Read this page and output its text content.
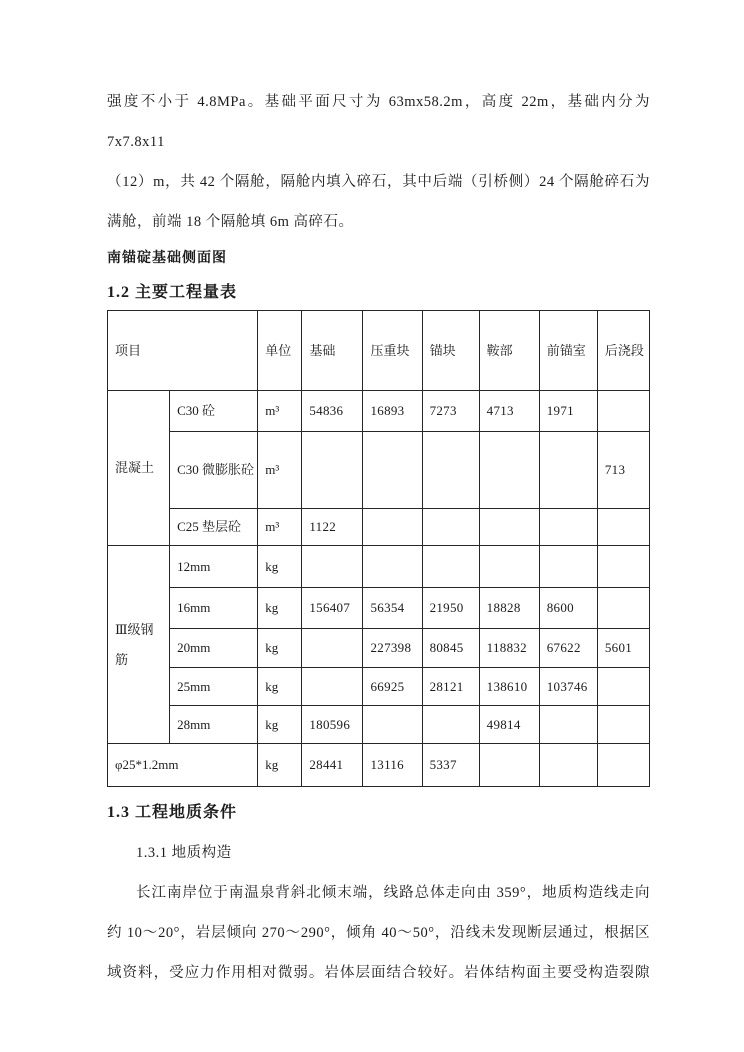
强度不小于 4.8MPa。基础平面尺寸为 63mx58.2m，高度 22m，基础内分为 7x7.8x11
（12）m，共 42 个隔舱，隔舱内填入碎石，其中后端（引桥侧）24 个隔舱碎石为
满舱，前端 18 个隔舱填 6m 高碎石。
南锚碇基础侧面图
1.2 主要工程量表
项目		单位	基础	压重块	锚块	鞍部	前锚室	后浇段
混凝土	C30 砼	m³	54836	16893	7273	4713	1971	
	C30 微膨胀砼	m³						713
	C25 垫层砼	m³	1122					
Ⅲ级钢筋	12mm	kg						
	16mm	kg	156407	56354	21950	18828	8600	
	20mm	kg		227398	80845	118832	67622	5601
	25mm	kg		66925	28121	138610	103746	
	28mm	kg	180596			49814		
φ25*1.2mm		kg	28441	13116	5337			
1.3 工程地质条件
1.3.1 地质构造
长江南岸位于南温泉背斜北倾末端，线路总体走向由 359°，地质构造线走向
约 10～20°，岩层倾向 270～290°，倾角 40～50°，沿线未发现断层通过，根据区
域资料，受应力作用相对微弱。岩体层面结合较好。岩体结构面主要受构造裂隙
